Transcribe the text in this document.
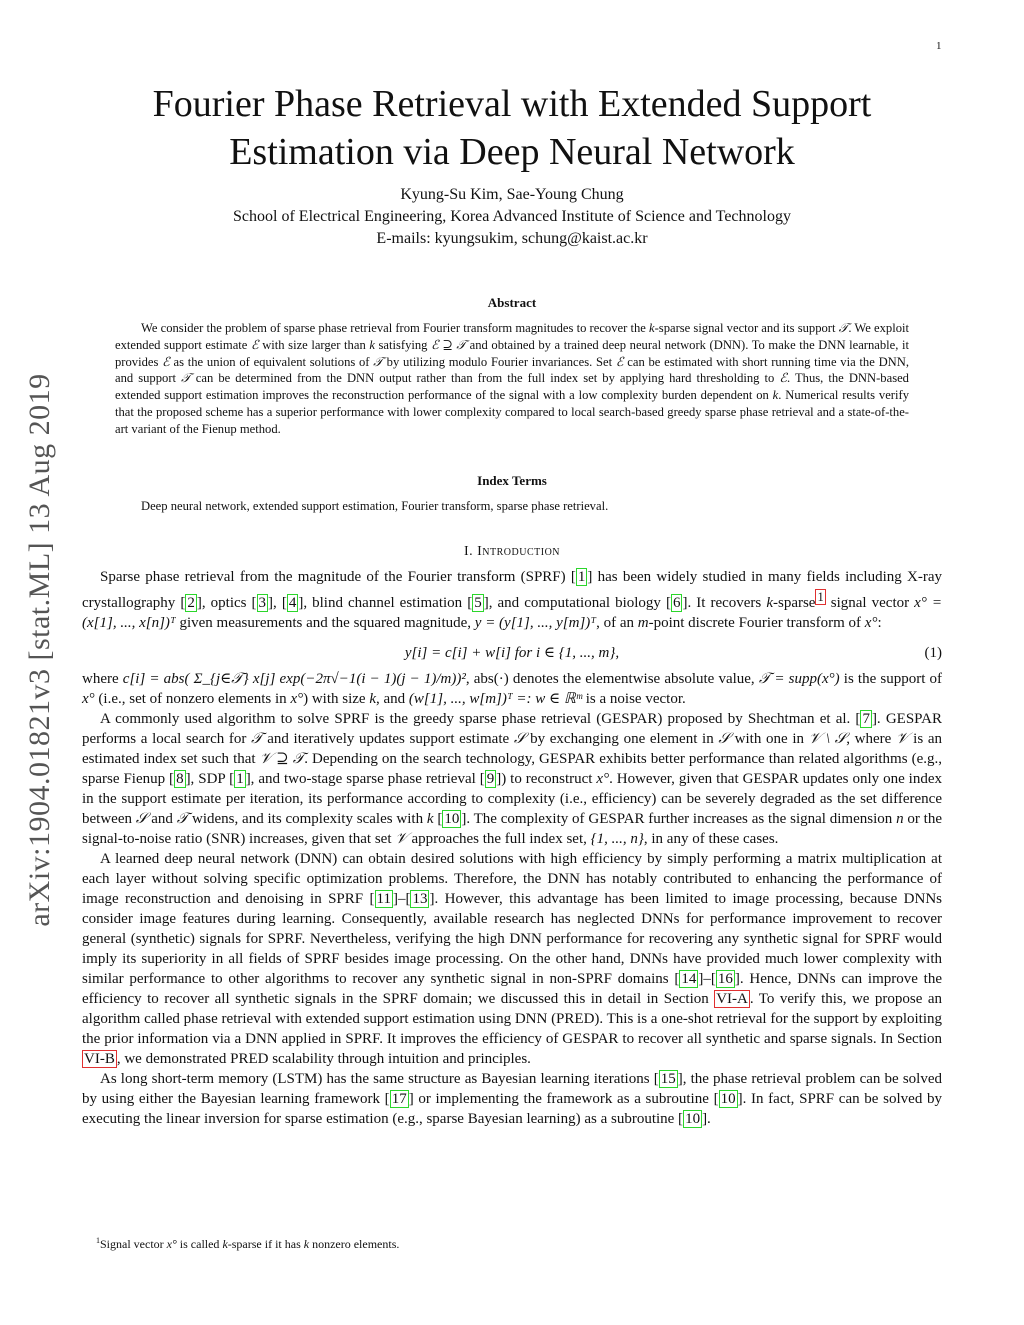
1
arXiv:1904.01821v3 [stat.ML] 13 Aug 2019
Fourier Phase Retrieval with Extended Support
Estimation via Deep Neural Network
Kyung-Su Kim, Sae-Young Chung
School of Electrical Engineering, Korea Advanced Institute of Science and Technology
E-mails: kyungsukim, schung@kaist.ac.kr
Abstract
We consider the problem of sparse phase retrieval from Fourier transform magnitudes to recover the k-sparse signal vector and its support 𝒯. We exploit extended support estimate ℰ with size larger than k satisfying ℰ ⊇ 𝒯 and obtained by a trained deep neural network (DNN). To make the DNN learnable, it provides ℰ as the union of equivalent solutions of 𝒯 by utilizing modulo Fourier invariances. Set ℰ can be estimated with short running time via the DNN, and support 𝒯 can be determined from the DNN output rather than from the full index set by applying hard thresholding to ℰ. Thus, the DNN-based extended support estimation improves the reconstruction performance of the signal with a low complexity burden dependent on k. Numerical results verify that the proposed scheme has a superior performance with lower complexity compared to local search-based greedy sparse phase retrieval and a state-of-the-art variant of the Fienup method.
Index Terms
Deep neural network, extended support estimation, Fourier transform, sparse phase retrieval.
I. Introduction

Sparse phase retrieval from the magnitude of the Fourier transform (SPRF) [ 1 ] has been widely studied in many fields including X-ray crystallography [ 2 ], optics [ 3 ], [ 4 ], blind channel estimation [ 5 ], and computational biology [ 6 ]. It recovers k-sparse $^1$ signal vector x° = (x[1], ..., x[n])ᵀ given measurements and the squared magnitude, y = (y[1], ..., y[m])ᵀ, of an m-point discrete Fourier transform of x°:

y[i] = c[i] + w[i] for i ∈ {1, ..., m},	(1)

where c[i] = abs( Σ_{j∈𝒯} x[j] exp(−2π√−1(i − 1)(j − 1)/m))², abs(·) denotes the elementwise absolute value, 𝒯 = supp(x°) is the support of x° (i.e., set of nonzero elements in x°) with size k, and (w[1], ..., w[m])ᵀ =: w ∈ ℝᵐ is a noise vector.

A commonly used algorithm to solve SPRF is the greedy sparse phase retrieval (GESPAR) proposed by Shechtman et al. [ 7 ]. GESPAR performs a local search for 𝒯 and iteratively updates support estimate 𝒮 by exchanging one element in 𝒮 with one in 𝒱 \ 𝒮, where 𝒱 is an estimated index set such that 𝒱 ⊇ 𝒯. Depending on the search technology, GESPAR exhibits better performance than related algorithms (e.g., sparse Fienup [ 8 ], SDP [ 1 ], and two-stage sparse phase retrieval [ 9 ]) to reconstruct x°. However, given that GESPAR updates only one index in the support estimate per iteration, its performance according to complexity (i.e., efficiency) can be severely degraded as the set difference between 𝒮 and 𝒯 widens, and its complexity scales with k [ 10 ]. The complexity of GESPAR further increases as the signal dimension n or the signal-to-noise ratio (SNR) increases, given that set 𝒱 approaches the full index set, {1, ..., n}, in any of these cases.

A learned deep neural network (DNN) can obtain desired solutions with high efficiency by simply performing a matrix multiplication at each layer without solving specific optimization problems. Therefore, the DNN has notably contributed to enhancing the performance of image reconstruction and denoising in SPRF [ 11 ]–[ 13 ]. However, this advantage has been limited to image processing, because DNNs consider image features during learning. Consequently, available research has neglected DNNs for performance improvement to recover general (synthetic) signals for SPRF. Nevertheless, verifying the high DNN performance for recovering any synthetic signal for SPRF would imply its superiority in all fields of SPRF besides image processing. On the other hand, DNNs have provided much lower complexity with similar performance to other algorithms to recover any synthetic signal in non-SPRF domains [ 14 ]–[ 16 ]. Hence, DNNs can improve the efficiency to recover all synthetic signals in the SPRF domain; we discussed this in detail in Section VI-A . To verify this, we propose an algorithm called phase retrieval with extended support estimation using DNN (PRED). This is a one-shot retrieval for the support by exploiting the prior information via a DNN applied in SPRF. It improves the efficiency of GESPAR to recover all synthetic and sparse signals. In Section VI-B , we demonstrated PRED scalability through intuition and principles.

As long short-term memory (LSTM) has the same structure as Bayesian learning iterations [ 15 ], the phase retrieval problem can be solved by using either the Bayesian learning framework [ 17 ] or implementing the framework as a subroutine [ 10 ]. In fact, SPRF can be solved by executing the linear inversion for sparse estimation (e.g., sparse Bayesian learning) as a subroutine [ 10 ].

$^1$Signal vector x° is called k-sparse if it has k nonzero elements.
